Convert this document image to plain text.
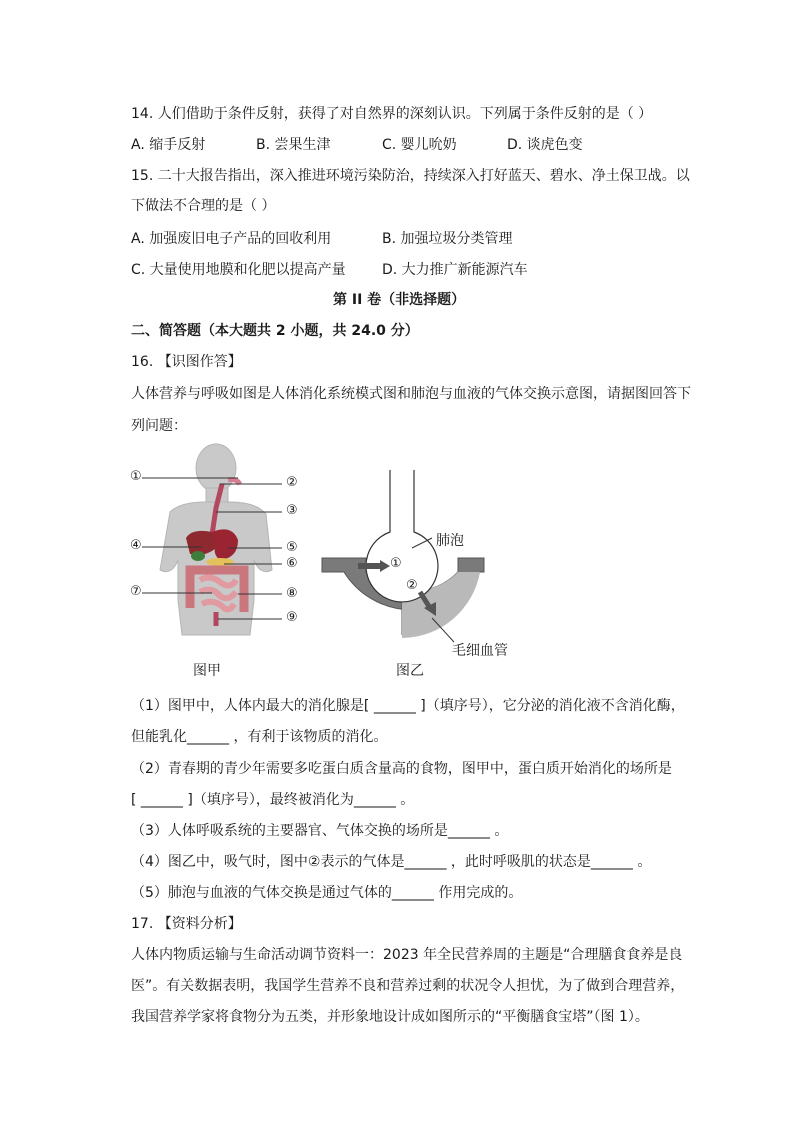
14. 人们借助于条件反射，获得了对自然界的深刻认识。下列属于条件反射的是（ ）
A. 缩手反射	B. 尝果生津	C. 婴儿吮奶	D. 谈虎色变
15. 二十大报告指出，深入推进环境污染防治，持续深入打好蓝天、碧水、净土保卫战。以
下做法不合理的是（ ）
A. 加强废旧电子产品的回收利用	B. 加强垃圾分类管理
C. 大量使用地膜和化肥以提高产量	D. 大力推广新能源汽车
第 II 卷（非选择题）
二、简答题（本大题共 2 小题，共 24.0 分）
16. 【识图作答】
人体营养与呼吸如图是人体消化系统模式图和肺泡与血液的气体交换示意图，请据图回答下
列问题：
①	②
③
④	⑤
⑥
⑦	⑧
⑨
图甲
肺泡
①
②
毛细血管
图乙
（1）图甲中，人体内最大的消化腺是[ ______ ]（填序号），它分泌的消化液不含消化酶，
但能乳化______ ，有利于该物质的消化。
（2）青春期的青少年需要多吃蛋白质含量高的食物，图甲中，蛋白质开始消化的场所是
[ ______ ]（填序号），最终被消化为______ 。
（3）人体呼吸系统的主要器官、气体交换的场所是______ 。
（4）图乙中，吸气时，图中②表示的气体是______ ，此时呼吸肌的状态是______ 。
（5）肺泡与血液的气体交换是通过气体的______ 作用完成的。
17. 【资料分析】
人体内物质运输与生命活动调节资料一：2023 年全民营养周的主题是“合理膳食食养是良
医”。有关数据表明，我国学生营养不良和营养过剩的状况令人担忧，为了做到合理营养，
我国营养学家将食物分为五类，并形象地设计成如图所示的“平衡膳食宝塔”（图 1）。
